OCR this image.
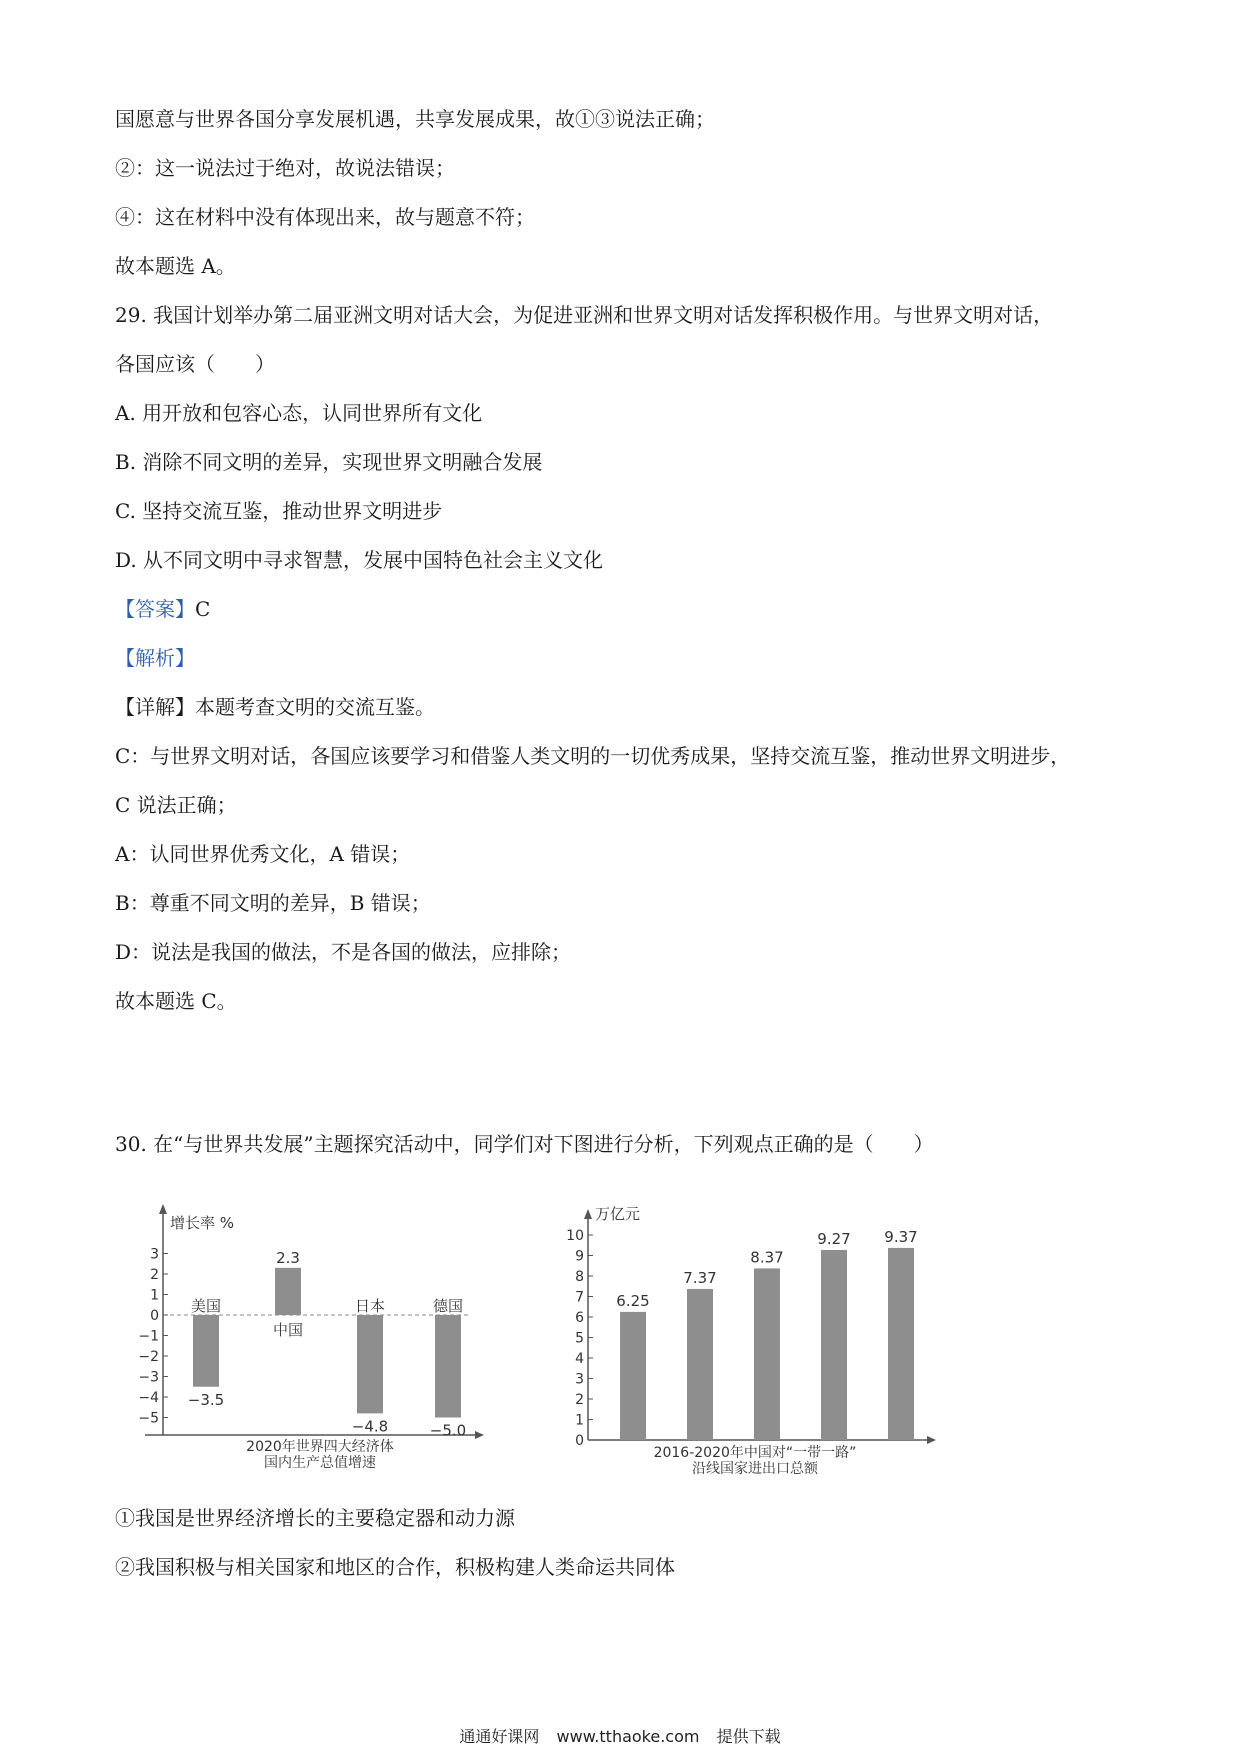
国愿意与世界各国分享发展机遇，共享发展成果，故①③说法正确；

②：这一说法过于绝对，故说法错误；

④：这在材料中没有体现出来，故与题意不符；

故本题选 A。

29. 我国计划举办第二届亚洲文明对话大会，为促进亚洲和世界文明对话发挥积极作用。与世界文明对话，

各国应该（　　）

A. 用开放和包容心态，认同世界所有文化

B. 消除不同文明的差异，实现世界文明融合发展

C. 坚持交流互鉴，推动世界文明进步

D. 从不同文明中寻求智慧，发展中国特色社会主义文化

【答案】C

【解析】

【详解】本题考查文明的交流互鉴。

C：与世界文明对话，各国应该要学习和借鉴人类文明的一切优秀成果，坚持交流互鉴，推动世界文明进步，

C 说法正确；

A：认同世界优秀文化，A 错误；

B：尊重不同文明的差异，B 错误；

D：说法是我国的做法，不是各国的做法，应排除；

故本题选 C。

30. 在“与世界共发展”主题探究活动中，同学们对下图进行分析，下列观点正确的是（　　）

3
2
1
0
−1
−2
−3
−4
−5
增长率 %
美国
−3.5
中国
2.3
日本
−4.8
德国
−5.0
2020年世界四大经济体
国内生产总值增速
0
1
2
3
4
5
6
7
8
9
10
万亿元
6.25
7.37
8.37
9.27 9.37
2016-2020年中国对“一带一路”
沿线国家进出口总额

①我国是世界经济增长的主要稳定器和动力源

②我国积极与相关国家和地区的合作，积极构建人类命运共同体

通通好课网 www.tthaoke.com 提供下载
